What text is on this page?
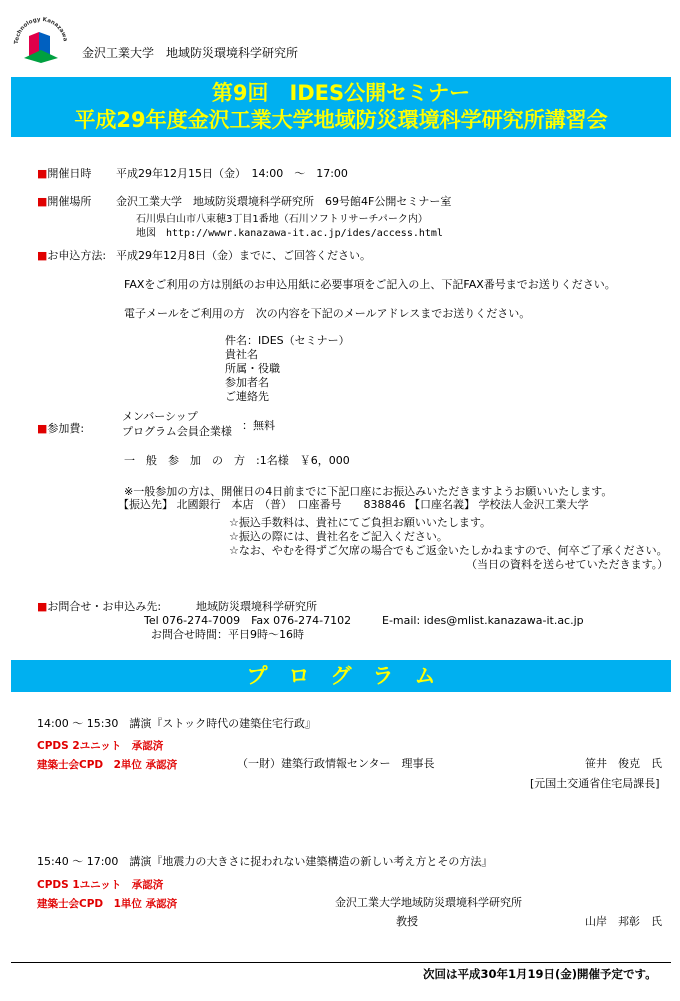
Technology Kanazawa
金沢工業大学　地域防災環境科学研究所
第9回　IDES公開セミナー
平成29年度金沢工業大学地域防災環境科学研究所講習会
■開催日時 平成29年12月15日（金）　14:00　～　17:00
■開催場所 金沢工業大学　地域防災環境科学研究所　69号館4F公開セミナー室
石川県白山市八束穂3丁目1番地（石川ソフトリサーチパーク内）
地図　http://wwwr.kanazawa-it.ac.jp/ides/access.html
■お申込方法: 平成29年12月8日（金）までに、ご回答ください。
FAXをご利用の方は別紙のお申込用紙に必要事項をご記入の上、下記FAX番号までお送りください。
電子メールをご利用の方　次の内容を下記のメールアドレスまでお送りください。
件名：IDES（セミナー）
貴社名
所属・役職
参加者名
ご連絡先
■参加費:
メンバーシップ
プログラム会員企業様 ：無料
一　般　参　加　の　方　:1名様　￥6，000
※一般参加の方は、開催日の4日前までに下記口座にお振込みいただきますようお願いいたします。
【振込先】 北國銀行　本店　（普）　口座番号　　838846 【口座名義】 学校法人金沢工業大学
☆振込手数料は、貴社にてご負担お願いいたします。
☆振込の際には、貴社名をご記入ください。
☆なお、やむを得ずご欠席の場合でもご返金いたしかねますので、何卒ご了承ください。
（当日の資料を送らせていただきます。）
■お問合せ・お申込み先:	地域防災環境科学研究所
Tel 076-274-7009　Fax 076-274-7102	E-mail: ides@mlist.kanazawa-it.ac.jp
お問合せ時間：平日9時～16時
プ　ロ　グ　ラ　ム
14:00 ～ 15:30　講演『ストック時代の建築住宅行政』
CPDS 2ユニット　承認済
建築士会CPD　2単位 承認済	（一財）建築行政情報センター　理事長	笹井　俊克　氏
[元国土交通省住宅局課長]
15:40 ～ 17:00　講演『地震力の大きさに捉われない建築構造の新しい考え方とその方法』
CPDS 1ユニット　承認済
建築士会CPD　1単位 承認済	金沢工業大学地域防災環境科学研究所
教授	山岸　邦彰　氏
次回は平成30年1月19日(金)開催予定です。
